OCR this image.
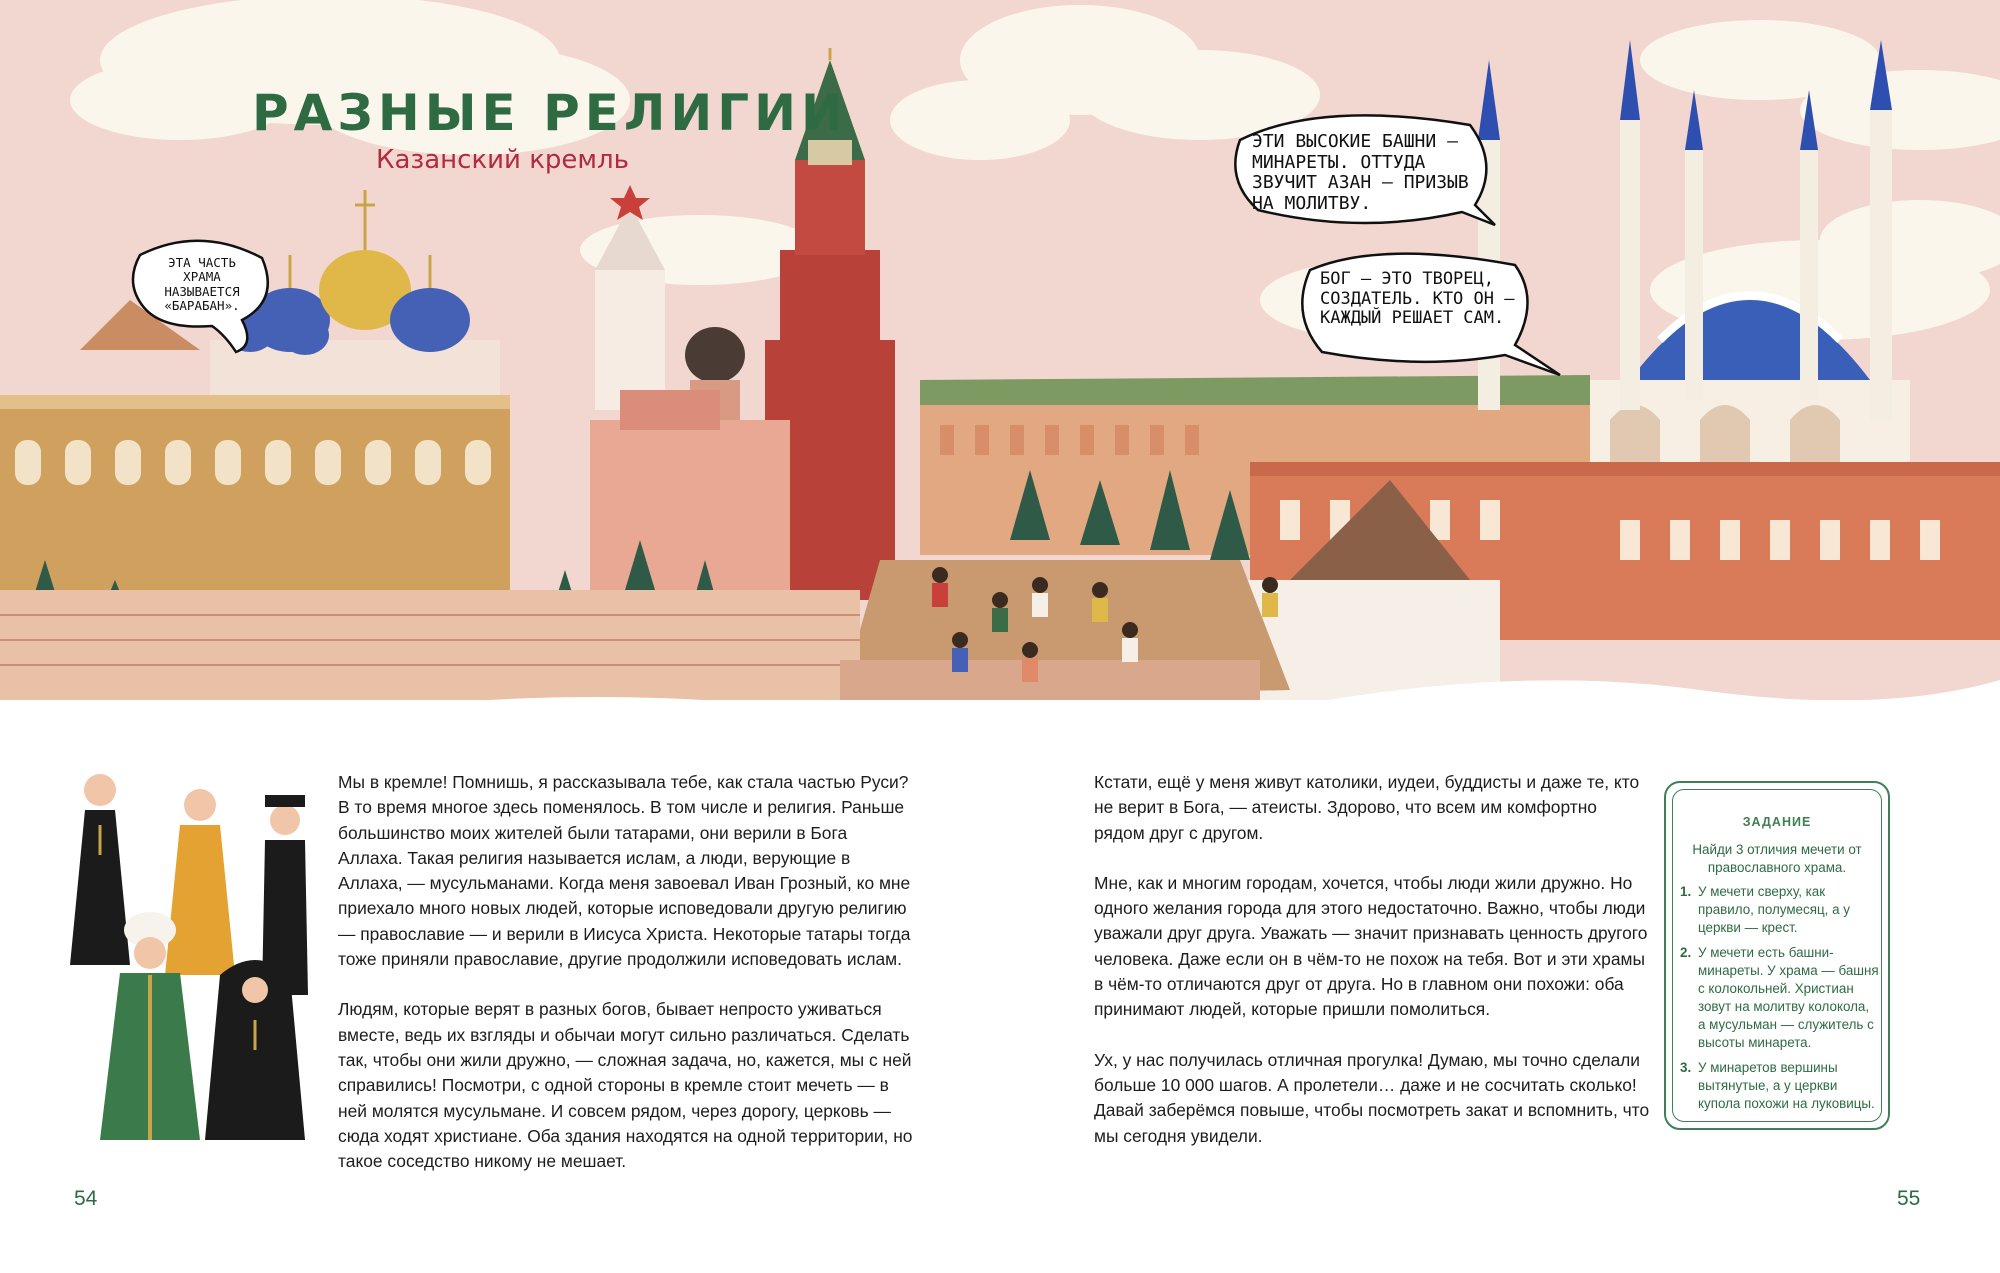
РАЗНЫЕ РЕЛИГИИ
Казанский кремль
ЭТА ЧАСТЬ ХРАМА НАЗЫВАЕТСЯ «БАРАБАН».
ЭТИ ВЫСОКИЕ БАШНИ — МИНАРЕТЫ. ОТТУДА ЗВУЧИТ АЗАН — ПРИЗЫВ НА МОЛИТВУ.
БОГ — ЭТО ТВОРЕЦ, СОЗДАТЕЛЬ. КТО ОН — КАЖДЫЙ РЕШАЕТ САМ.

Мы в кремле! Помнишь, я рассказывала тебе, как стала частью Руси? В то время многое здесь поменялось. В том числе и религия. Раньше большинство моих жителей были татарами, они верили в Бога Аллаха. Такая религия называется ислам, а люди, верующие в Аллаха, — мусульманами. Когда меня завоевал Иван Грозный, ко мне приехало много новых людей, которые исповедовали другую религию — православие — и верили в Иисуса Христа. Некоторые татары тогда тоже приняли православие, другие продолжили исповедовать ислам.

Людям, которые верят в разных богов, бывает непросто уживаться вместе, ведь их взгляды и обычаи могут сильно различаться. Сделать так, чтобы они жили дружно, — сложная задача, но, кажется, мы с ней справились! Посмотри, с одной стороны в кремле стоит мечеть — в ней молятся мусульмане. И совсем рядом, через дорогу, церковь — сюда ходят христиане. Оба здания находятся на одной территории, но такое соседство никому не мешает.

Кстати, ещё у меня живут католики, иудеи, буддисты и даже те, кто не верит в Бога, — атеисты. Здорово, что всем им комфортно рядом друг с другом.

Мне, как и многим городам, хочется, чтобы люди жили дружно. Но одного желания города для этого недостаточно. Важно, чтобы люди уважали друг друга. Уважать — значит признавать ценность другого человека. Даже если он в чём-то не похож на тебя. Вот и эти храмы в чём-то отличаются друг от друга. Но в главном они похожи: оба принимают людей, которые пришли помолиться.

Ух, у нас получилась отличная прогулка! Думаю, мы точно сделали больше 10 000 шагов. А пролетели… даже и не сосчитать сколько! Давай заберёмся повыше, чтобы посмотреть закат и вспомнить, что мы сегодня увидели.

ЗАДАНИЕ
Найди 3 отличия мечети от православного храма.
1. У мечети сверху, как правило, полумесяц, а у церкви — крест.
2. У мечети есть башни-минареты. У храма — башня с колокольней. Христиан зовут на молитву колокола, а мусульман — служитель с высоты минарета.
3. У минаретов вершины вытянутые, а у церкви купола похожи на луковицы.
54	55
